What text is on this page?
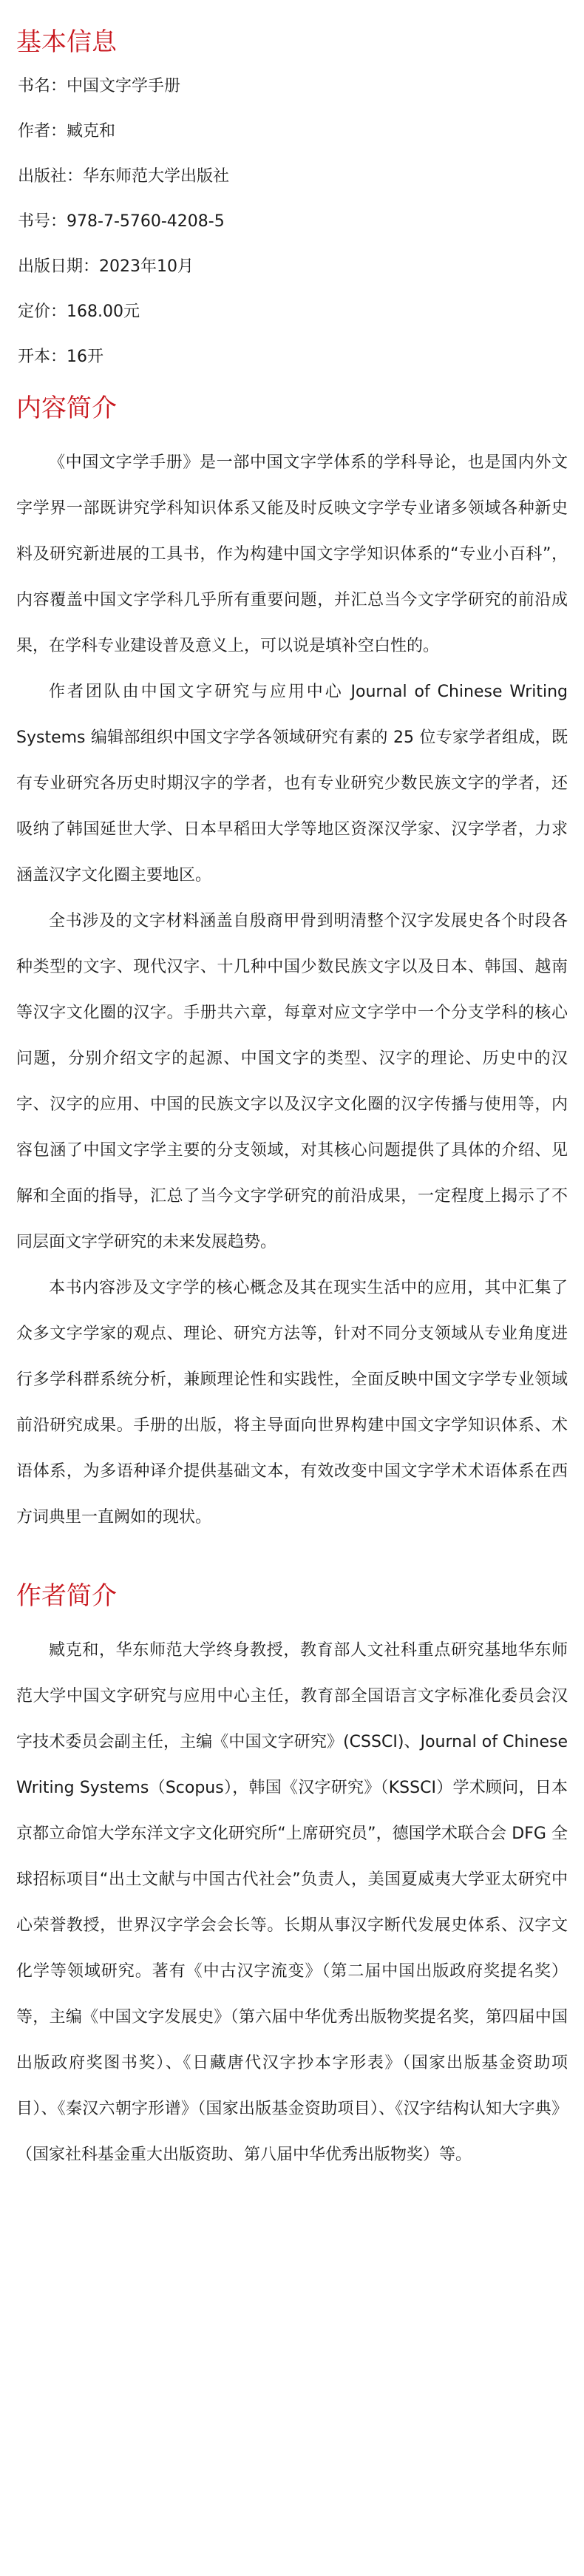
基本信息
书名：中国文字学手册
作者：臧克和
出版社：华东师范大学出版社
书号：978-7-5760-4208-5
出版日期：2023年10月
定价：168.00元
开本：16开
内容简介

《中国文字学手册》是一部中国文字学体系的学科导论，也是国内外文字学界一部既讲究学科知识体系又能及时反映文字学专业诸多领域各种新史料及研究新进展的工具书，作为构建中国文字学知识体系的“专业小百科”，内容覆盖中国文字学科几乎所有重要问题，并汇总当今文字学研究的前沿成果，在学科专业建设普及意义上，可以说是填补空白性的。

作者团队由中国文字研究与应用中心 Journal of Chinese Writing Systems 编辑部组织中国文字学各领域研究有素的 25 位专家学者组成，既有专业研究各历史时期汉字的学者，也有专业研究少数民族文字的学者，还吸纳了韩国延世大学、日本早稻田大学等地区资深汉学家、汉字学者，力求涵盖汉字文化圈主要地区。

全书涉及的文字材料涵盖自殷商甲骨到明清整个汉字发展史各个时段各种类型的文字、现代汉字、十几种中国少数民族文字以及日本、韩国、越南等汉字文化圈的汉字。手册共六章，每章对应文字学中一个分支学科的核心问题，分别介绍文字的起源、中国文字的类型、汉字的理论、历史中的汉字、汉字的应用、中国的民族文字以及汉字文化圈的汉字传播与使用等，内容包涵了中国文字学主要的分支领域，对其核心问题提供了具体的介绍、见解和全面的指导，汇总了当今文字学研究的前沿成果，一定程度上揭示了不同层面文字学研究的未来发展趋势。

本书内容涉及文字学的核心概念及其在现实生活中的应用，其中汇集了众多文字学家的观点、理论、研究方法等，针对不同分支领域从专业角度进行多学科群系统分析，兼顾理论性和实践性，全面反映中国文字学专业领域前沿研究成果。手册的出版，将主导面向世界构建中国文字学知识体系、术语体系，为多语种译介提供基础文本，有效改变中国文字学术术语体系在西方词典里一直阙如的现状。

作者简介

臧克和，华东师范大学终身教授，教育部人文社科重点研究基地华东师范大学中国文字研究与应用中心主任，教育部全国语言文字标准化委员会汉字技术委员会副主任，主编《中国文字研究》(CSSCI)、Journal of Chinese Writing Systems（Scopus），韩国《汉字研究》（KSSCI）学术顾问，日本京都立命馆大学东洋文字文化研究所“上席研究员”，德国学术联合会 DFG 全球招标项目“出土文献与中国古代社会”负责人，美国夏威夷大学亚太研究中心荣誉教授，世界汉字学会会长等。长期从事汉字断代发展史体系、汉字文化学等领域研究。著有《中古汉字流变》（第二届中国出版政府奖提名奖）等，主编《中国文字发展史》（第六届中华优秀出版物奖提名奖，第四届中国出版政府奖图书奖）、《日藏唐代汉字抄本字形表》（国家出版基金资助项目）、《秦汉六朝字形谱》（国家出版基金资助项目）、《汉字结构认知大字典》（国家社科基金重大出版资助、第八届中华优秀出版物奖）等。
